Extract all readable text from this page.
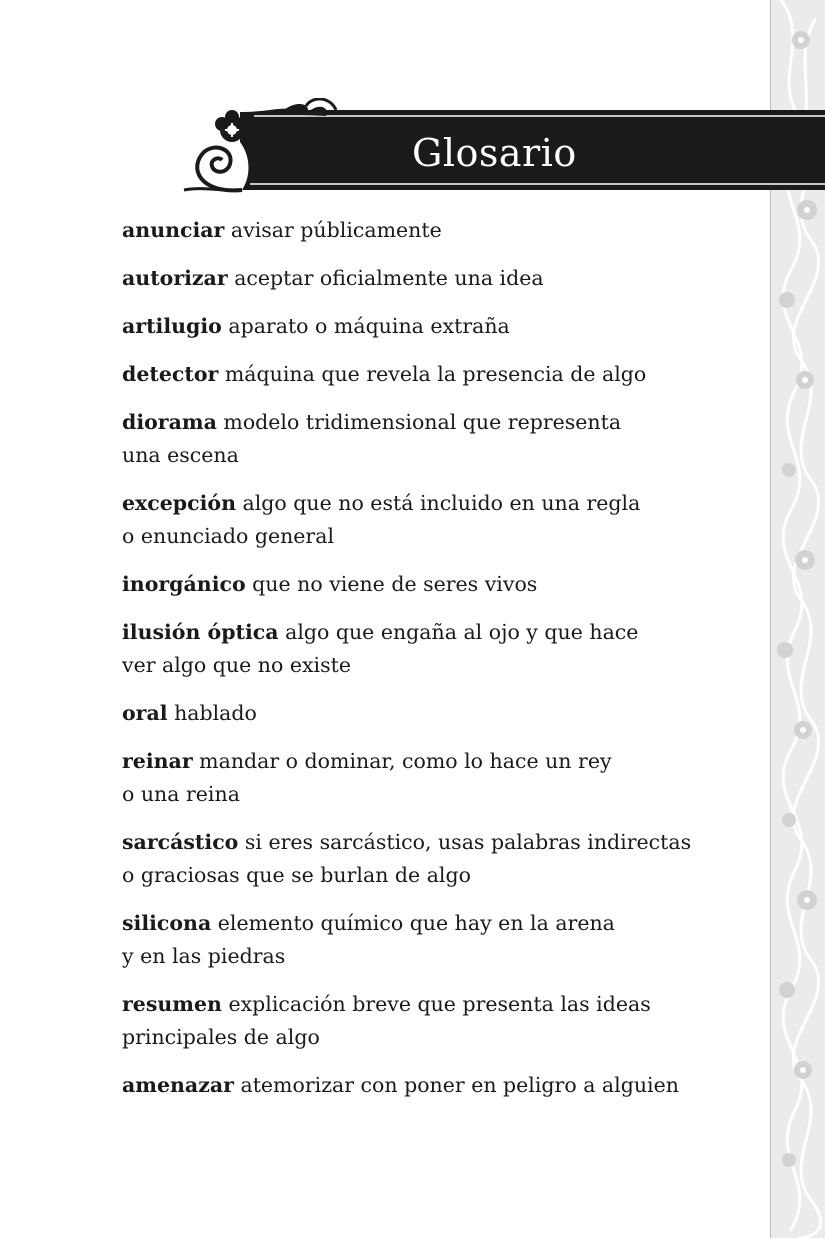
Glosario
anunciar avisar públicamente
autorizar aceptar oficialmente una idea
artilugio aparato o máquina extraña
detector máquina que revela la presencia de algo
diorama modelo tridimensional que representa
una escena
excepción algo que no está incluido en una regla
o enunciado general
inorgánico que no viene de seres vivos
ilusión óptica algo que engaña al ojo y que hace
ver algo que no existe
oral hablado
reinar mandar o dominar, como lo hace un rey
o una reina
sarcástico si eres sarcástico, usas palabras indirectas
o graciosas que se burlan de algo
silicona elemento químico que hay en la arena
y en las piedras
resumen explicación breve que presenta las ideas
principales de algo
amenazar atemorizar con poner en peligro a alguien
